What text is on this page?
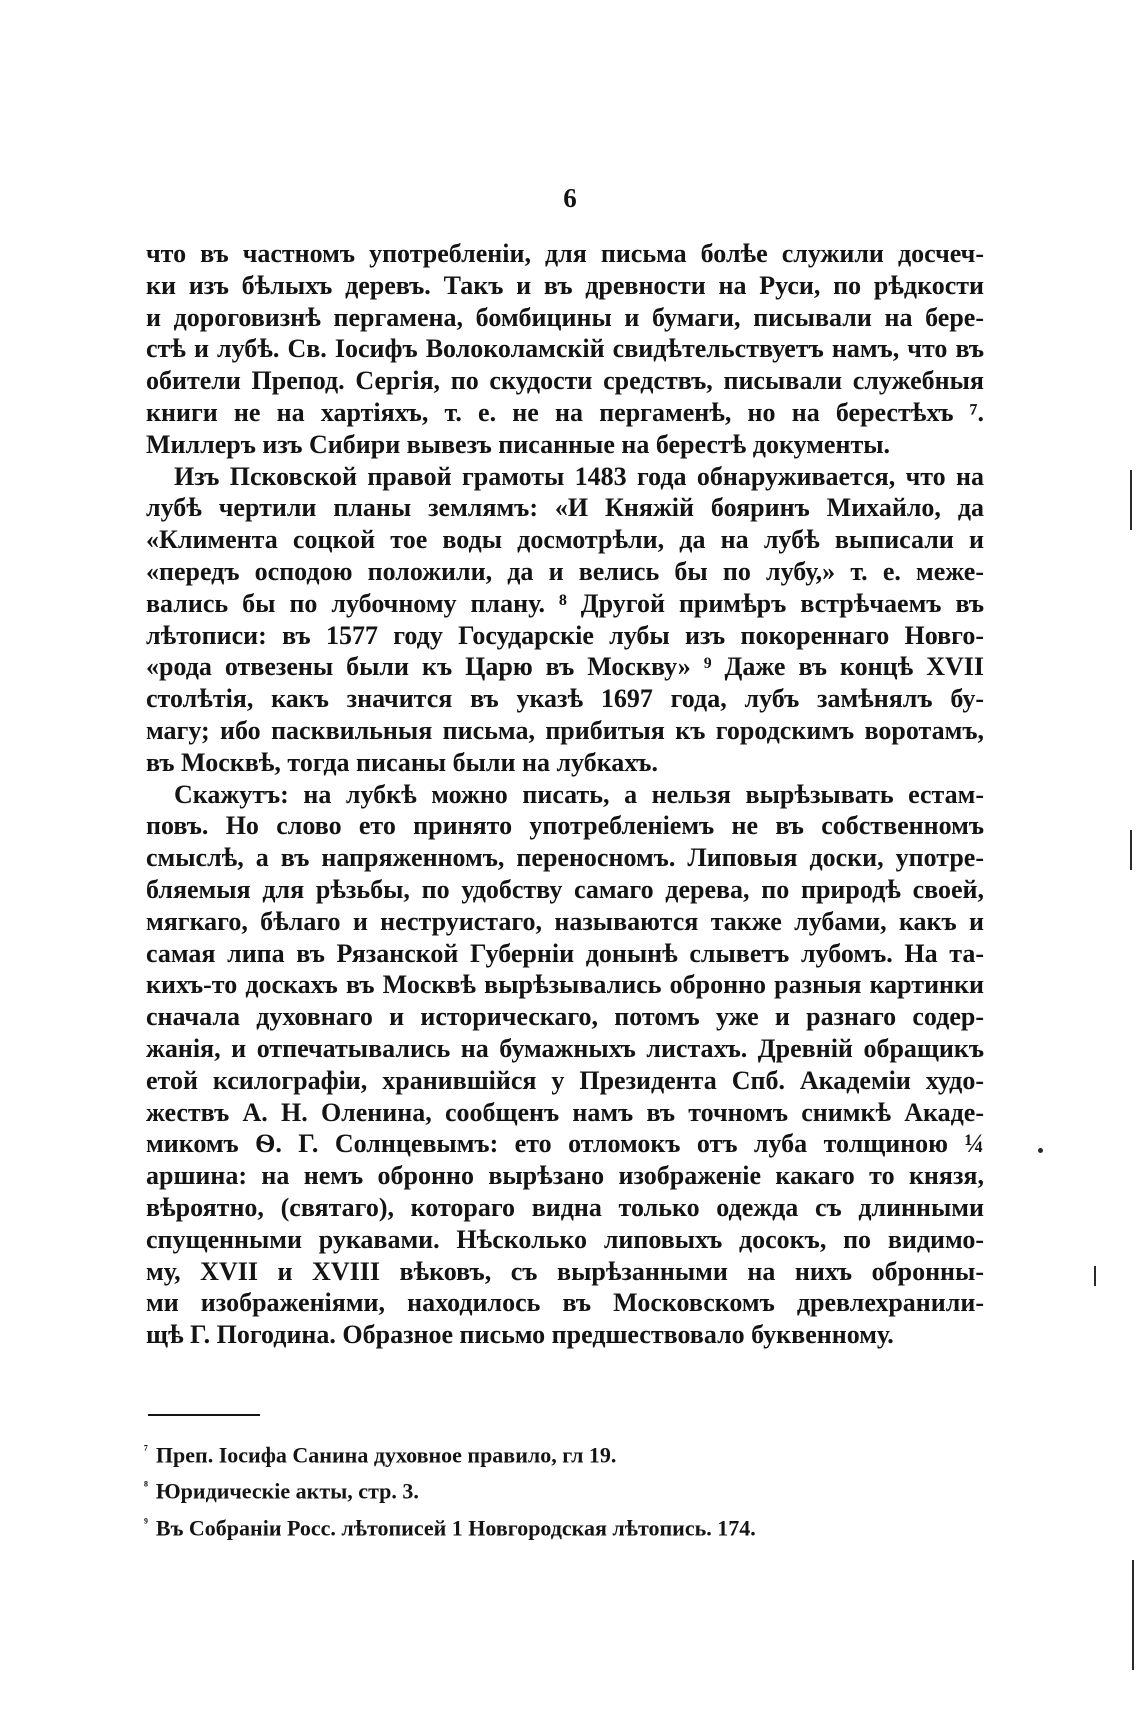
6
что въ частномъ употребленіи, для письма болѣе служили досчеч-
ки изъ бѣлыхъ деревъ. Такъ и въ древности на Руси, по рѣдкости
и дороговизнѣ пергамена, бомбицины и бумаги, писывали на бере-
стѣ и лубѣ. Св. Іосифъ Волоколамскій свидѣтельствуетъ намъ, что въ
обители Препод. Сергія, по скудости средствъ, писывали служебныя
книги не на хартіяхъ, т. е. не на пергаменѣ, но на берестѣхъ ⁷.
Миллеръ изъ Сибири вывезъ писанные на берестѣ документы.
Изъ Псковской правой грамоты 1483 года обнаруживается, что на
лубѣ чертили планы землямъ: «И Княжій бояринъ Михайло, да
«Климента соцкой тое воды досмотрѣли, да на лубѣ выписали и
«передъ осподою положили, да и велись бы по лубу,» т. е. меже-
вались бы по лубочному плану. ⁸ Другой примѣръ встрѣчаемъ въ
лѣтописи: въ 1577 году Государскіе лубы изъ покореннаго Новго-
«рода отвезены были къ Царю въ Москву» ⁹ Даже въ концѣ XVII
столѣтія, какъ значится въ указѣ 1697 года, лубъ замѣнялъ бу-
магу; ибо пасквильныя письма, прибитыя къ городскимъ воротамъ,
въ Москвѣ, тогда писаны были на лубкахъ.
Скажутъ: на лубкѣ можно писать, а нельзя вырѣзывать естам-
повъ. Но слово ето принято употребленіемъ не въ собственномъ
смыслѣ, а въ напряженномъ, переносномъ. Липовыя доски, употре-
бляемыя для рѣзьбы, по удобству самаго дерева, по природѣ своей,
мягкаго, бѣлаго и неструистаго, называются также лубами, какъ и
самая липа въ Рязанской Губерніи донынѣ слыветъ лубомъ. На та-
кихъ-то доскахъ въ Москвѣ вырѣзывались обронно разныя картинки
сначала духовнаго и историческаго, потомъ уже и разнаго содер-
жанія, и отпечатывались на бумажныхъ листахъ. Древній обращикъ
етой ксилографіи, хранившійся у Президента Спб. Академіи худо-
жествъ А. Н. Оленина, сообщенъ намъ въ точномъ снимкѣ Акаде-
микомъ Ѳ. Г. Солнцевымъ: ето отломокъ отъ луба толщиною ¼
аршина: на немъ обронно вырѣзано изображеніе какаго то князя,
вѣроятно, (святаго), котораго видна только одежда съ длинными
спущенными рукавами. Нѣсколько липовыхъ досокъ, по видимо-
му, XVII и XVIII вѣковъ, съ вырѣзанными на нихъ обронны-
ми изображеніями, находилось въ Московскомъ древлехранили-
щѣ Г. Погодина. Образное письмо предшествовало буквенному.
$^{^7}$ Преп. Іосифа Санина духовное правило, гл 19.
$^{^8}$ Юридическіе акты, стр. 3.
$^{^9}$ Въ Собраніи Росс. лѣтописей 1 Новгородская лѣтопись. 174.
